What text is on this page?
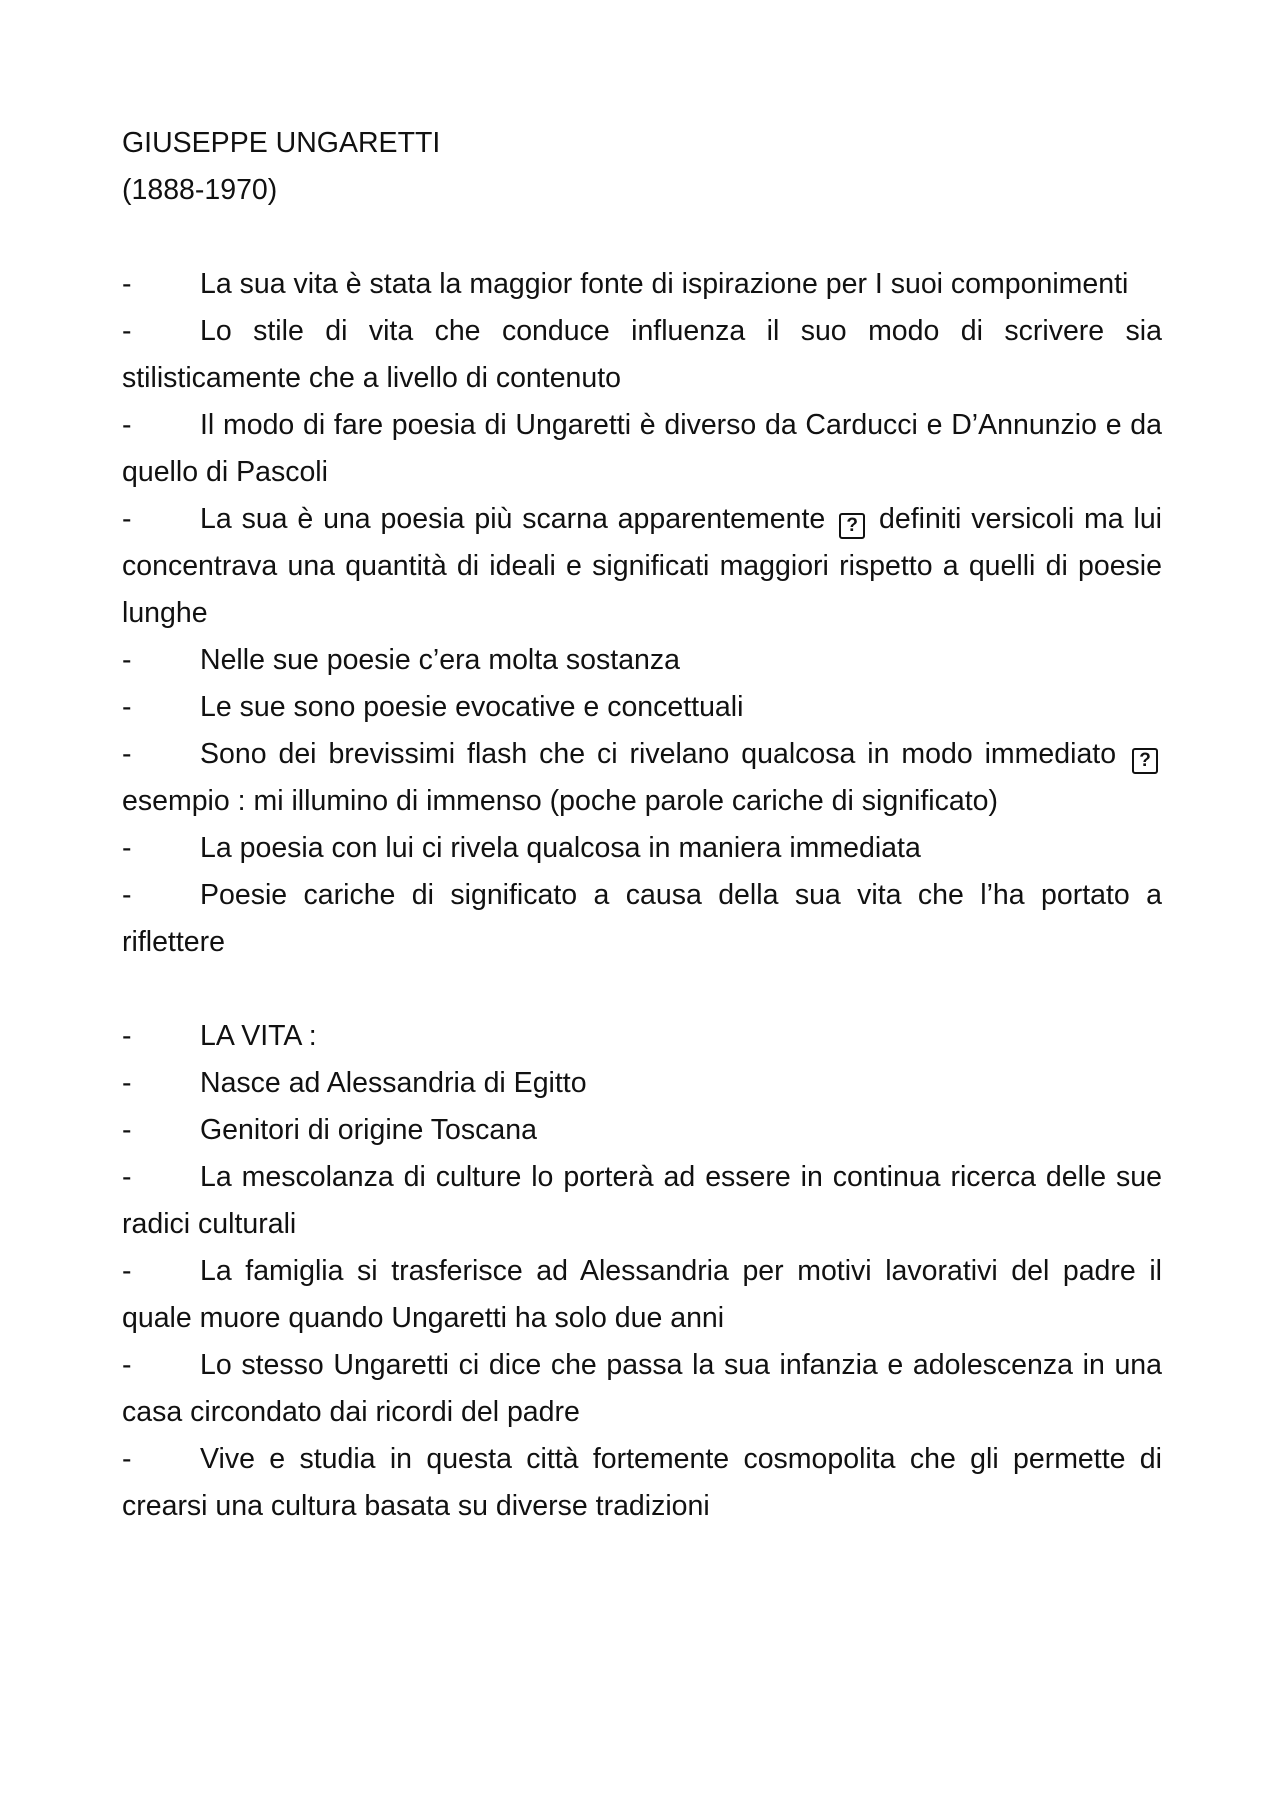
GIUSEPPE UNGARETTI
(1888-1970)

- La sua vita è stata la maggior fonte di ispirazione per I suoi componimenti

- Lo stile di vita che conduce influenza il suo modo di scrivere sia stilisticamente che a livello di contenuto

- Il modo di fare poesia di Ungaretti è diverso da Carducci e D’Annunzio e da quello di Pascoli

- La sua è una poesia più scarna apparentemente ? definiti versicoli ma lui concentrava una quantità di ideali e significati maggiori rispetto a quelli di poesie lunghe

- Nelle sue poesie c’era molta sostanza

- Le sue sono poesie evocative e concettuali

- Sono dei brevissimi flash che ci rivelano qualcosa in modo immediato ? esempio : mi illumino di immenso (poche parole cariche di significato)

- La poesia con lui ci rivela qualcosa in maniera immediata

- Poesie cariche di significato a causa della sua vita che l’ha portato a riflettere

- LA VITA :

- Nasce ad Alessandria di Egitto

- Genitori di origine Toscana

- La mescolanza di culture lo porterà ad essere in continua ricerca delle sue radici culturali

- La famiglia si trasferisce ad Alessandria per motivi lavorativi del padre il quale muore quando Ungaretti ha solo due anni

- Lo stesso Ungaretti ci dice che passa la sua infanzia e adolescenza in una casa circondato dai ricordi del padre

- Vive e studia in questa città fortemente cosmopolita che gli permette di crearsi una cultura basata su diverse tradizioni
